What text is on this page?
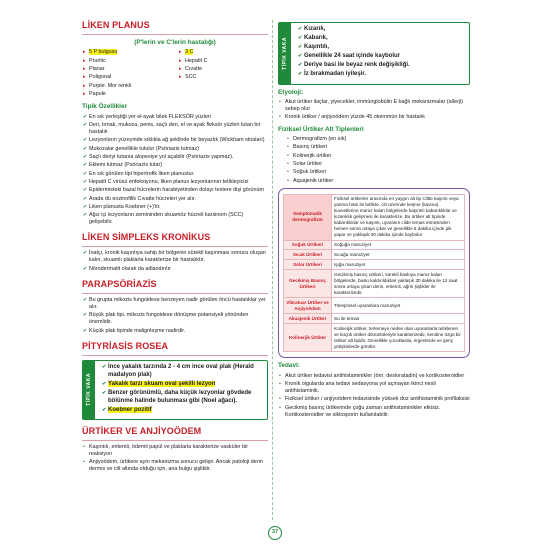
LİKEN PLANUS
(P'lerin ve C'lerin hastalığı)
▸ 5 P bulgusu
▸ Pruritic
▸ Planar
▸ Poligonal
▸ Purple: Mor renkli
▸ Papule
▸ 3 C
▸ Hepatit C
▸ Cıvatte
▸ SCC
Tipik Özellikler
✔ En sık yerleştiği yer el-ayak bilek FLEKSÖR yüzleri
✔ Deri, tırnak, mukoza, penis, saçlı deri, el ve ayak fleksör yüzleri tutan bir hastalık
✔ Lezyonların yüzeyinde sıklıkla ağ şeklinde bir beyazlık (Wickham striaları)
✔ Mukozalar genellikle tutulur (Psöriazis tutmaz)
✔ Saçlı deriyi tutarsa alopesiye yol açabilir (Psöriazis yapmaz).
✔ Eklemi tutmaz (Psöriazis tutar)
✔ En sık görülen tipi hipertrofik liken planustur.
✔ Hepatit C virüsü enfeksiyonu, liken planus lezyonlarının tetikleyicisi
✔ Epidermisteki bazal hücrelerin harabiyetinden dolayı testere dişi görünüm
✔ Arada dü eozinofilik Cıvatte hücreleri yer alır.
✔ Liken planusta Koebner (+)'tir.
✔ Ağız içi lezyonların zemininden skuamöz hücreli karsinom (SCC) gelişebilir.
LİKEN SİMPLEKS KRONİKUS
✔ İnatçı, kronik kaşıntıya sahip bir bölgenin sürekli kaşınması sonucu oluşan kalın, skuamlı plaklarla karakterize bir hastalıktır.
✔ Nörodermatit olarak da adlandırılır
PARAPSÖRİAZİS
✔ Bu grupta mikozis fungoidese benzeyen nadir görülen öncü hastalıklar yer alır.
✔ Büyük plak tipi, mikozis fungoidese dönüşme potansiyeli yönünden önemlidir.
✔ Küçük plak tipinde malignleşme nadirdir.
PİTYRİASİS ROSEA
TİPİK VAKA
✔ İnce yakalık tarzında 2 - 4 cm ince oval plak (Herald madalyon plak)
✔ Yakalık tarzı skuam oval şekilli lezyon
✔ Benzer görünümlü, daha küçük lezyonlar gövdede bölünme halinde bulunması gibi (Noel ağacı).
✔ Koebner pozitif
ÜRTİKER VE ANJİYOÖDEM
• Kaşıntılı, eritemli, ödemli papül ve plaklarla karakterize vasküler bir reaksiyon
• Anjiyoödem, ürtikere aynı mekanizma sonucu gelişir. Ancak patoloji derin dermis ve cilt altında olduğu için, ana bulgu şişliktir.
TİPİK VAKA
✔ Kızarık,
✔ Kabarık,
✔ Kaşıntılı,
✔ Genellikle 24 saat içinde kaybolur
✔ Deriye basi ile beyaz renk değişikliği.
✔ İz bırakmadan iyileşir.
Etyoloji:
• Akut ürtiker ilaçlar, yiyecekler, immünglobülin E bağlı mekanizmalar (allerji) sebep olur
• Kronik ürtiker / anjiyoödem yüzde 45 otoimmün bir hastalık
Fiziksel Ürtiker Alt Tiplenleri
• Dermografizm (en sık)
• Basınç ürtikeri
• Kolinerjik ürtiker
• Solar ürtiker
• Soğuk ürtikeri
• Aquajenik ürtiker
Semptomatik dermografizm	Fiziksel ürtikerler arasında en yaygın alt tip Ciltte kaşıntı veya yanma hissi ile birlikte, cilt üzerinde keşme (kavma) kuvvetlerine maruz kalan bölgelerde kaşıntılı kabarıklıklar ve kızarıklık gelişmesi ile karakterize. Bu ürtiker alt tipinde kabarıklıklar ve kaşıntı, uyaranın cilde temas etmesinden hemen sonra ortaya çıkar ve genellikle 5 dakika içinde pik yapar ve yaklaşık 30 dakika içinde kaybolur
Soğuk Ürtikeri	Soğuğa maruziyet
Sıcak Ürtikeri	Sıcağa maruziyet
Solar Ürtikeri	Işığa maruziyet
Gecikmiş Basınç Ürtikeri	Gecikmiş basınç ürtikeri, sürekli baskıya maruz kalan bölgelerde, baskı kaldırıldıktan yaklaşık 30 dakika ile 12 saat sonra ortaya çıkan derin, eritemli, ağrılı şişlikler ile karakterizedir.
Vibratuar Ürtiker ve Anjiyoödem	Titreşimsel uyaranlara maruziyet
Akuajenik Ürtiker	Su ile temas
Kolinerjik Ürtiker	Kolinerjik ürtiker, terlemeye neden olan uyaranlarla tetiklenen ve küçük ürtiker dönüntüleriyle karakterizedir, kendine özgü bir ürtiker alt tipidir. Genellikle çocuklarda, ergenlerde ve genç yetişkinlerde görülür.
Tedavi:
• Akut ürtiker tedavisi antihistaminikler (örn. desloratadin) ve kortikosteroidler
• Kronik olgularda ana tedavi sedasyona yol açmayan ikinci nesil antihistaminik.
• Fiziksel ürtiker / anjiyoödem tedavisinde yüksek doz antihistaminik profilaksisi
• Gecikmiş basınç ürtikerinde çoğu zaman antihistaminikler etkisiz. Kortikosteroidler ve siklosporin kullanılabilir.
37
